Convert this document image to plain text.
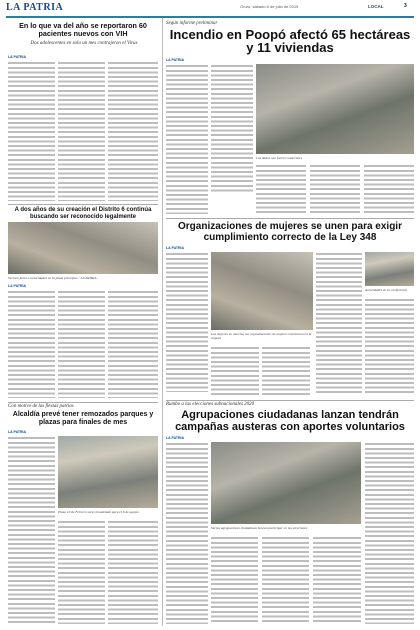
LA PATRIA	Oruro, sábado 6 de julio de 2019	LOCAL	3
En lo que va del año se reportaron 60 pacientes nuevos con VIH
Dos adolescentes en solo un mes contrajeron el Virus
LA PATRIA
A dos años de su creación el Distrito 6 continúa buscando ser reconocido legalmente
Vecinos junto a autoridades en la plaza principal. / LA PATRIA
LA PATRIA
Con motivo de las fiestas patrias
Alcaldía prevé tener remozados parques y plazas para finales de mes
LA PATRIA
Plaza 10 de Febrero será remodelada para el 6 de agosto
Según informe preliminar
Incendio en Poopó afectó 65 hectáreas y 11 viviendas
LA PATRIA
Los daños son fuertes materiales
Organizaciones de mujeres se unen para exigir cumplimiento correcto de la Ley 348
LA PATRIA
Las mujeres en marcha, las organizaciones de mujeres marcharon en la víspera
Autoridades en la conferencia
Rumbo a las elecciones subnacionales 2020
Agrupaciones ciudadanas lanzan tendrán campañas austeras con aportes voluntarios
LA PATRIA
Varias agrupaciones ciudadanas buscan participar en las elecciones
